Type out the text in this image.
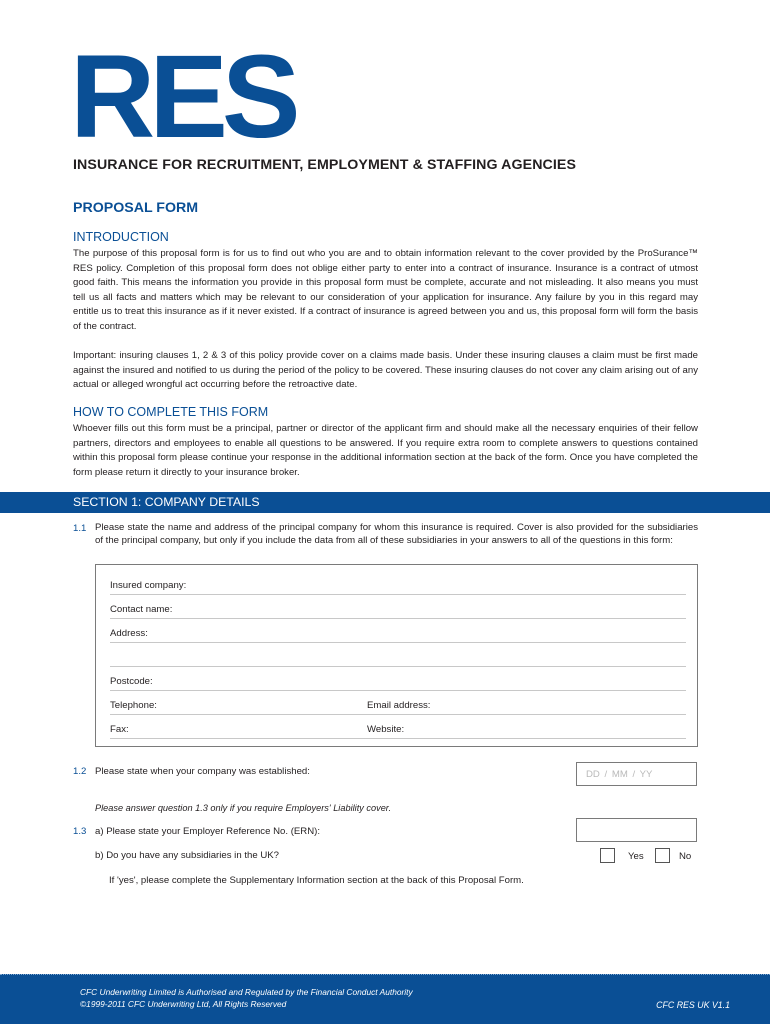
RES
INSURANCE FOR RECRUITMENT, EMPLOYMENT & STAFFING AGENCIES
PROPOSAL FORM
INTRODUCTION
The purpose of this proposal form is for us to find out who you are and to obtain information relevant to the cover provided by the ProSurance™ RES policy. Completion of this proposal form does not oblige either party to enter into a contract of insurance. Insurance is a contract of utmost good faith. This means the information you provide in this proposal form must be complete, accurate and not misleading. It also means you must tell us all facts and matters which may be relevant to our consideration of your application for insurance. Any failure by you in this regard may entitle us to treat this insurance as if it never existed. If a contract of insurance is agreed between you and us, this proposal form will form the basis of the contract.
Important: insuring clauses 1, 2 & 3 of this policy provide cover on a claims made basis. Under these insuring clauses a claim must be first made against the insured and notified to us during the period of the policy to be covered. These insuring clauses do not cover any claim arising out of any actual or alleged wrongful act occurring before the retroactive date.
HOW TO COMPLETE THIS FORM
Whoever fills out this form must be a principal, partner or director of the applicant firm and should make all the necessary enquiries of their fellow partners, directors and employees to enable all questions to be answered. If you require extra room to complete answers to questions contained within this proposal form please continue your response in the additional information section at the back of the form. Once you have completed the form please return it directly to your insurance broker.
SECTION 1: COMPANY DETAILS
1.1 Please state the name and address of the principal company for whom this insurance is required. Cover is also provided for the subsidiaries of the principal company, but only if you include the data from all of these subsidiaries in your answers to all of the questions in this form:
Insured company:
Contact name:
Address:
Postcode:
Telephone:	Email address:
Fax:	Website:
1.2 Please state when your company was established:	DD / MM / YY
Please answer question 1.3 only if you require Employers' Liability cover.
1.3 a) Please state your Employer Reference No. (ERN):
b) Do you have any subsidiaries in the UK?	Yes	No
If 'yes', please complete the Supplementary Information section at the back of this Proposal Form.
CFC Underwriting Limited is Authorised and Regulated by the Financial Conduct Authority
©1999-2011 CFC Underwriting Ltd, All Rights Reserved	CFC RES UK V1.1
